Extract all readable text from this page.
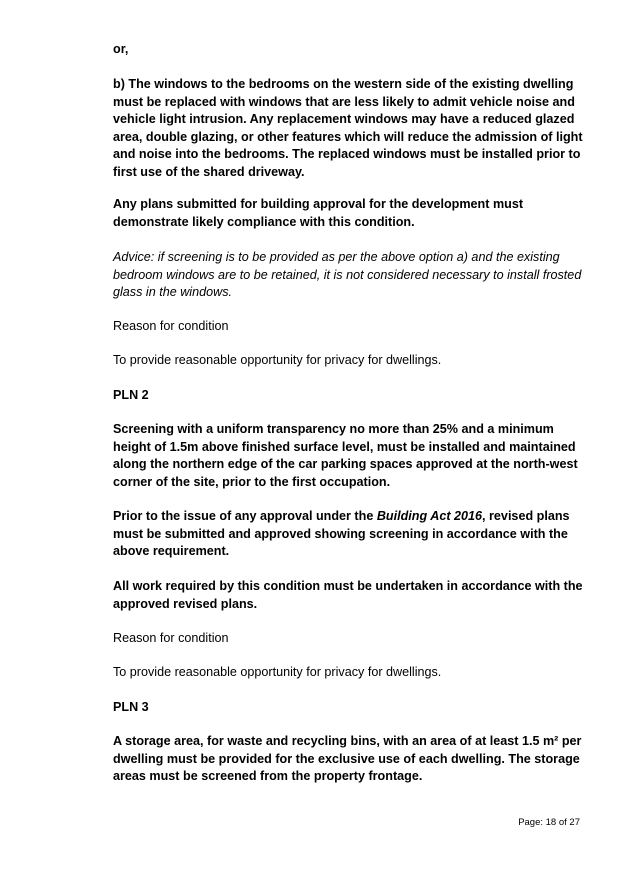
or,

b) The windows to the bedrooms on the western side of the existing dwelling must be replaced with windows that are less likely to admit vehicle noise and vehicle light intrusion. Any replacement windows may have a reduced glazed area, double glazing, or other features which will reduce the admission of light and noise into the bedrooms. The replaced windows must be installed prior to first use of the shared driveway.

Any plans submitted for building approval for the development must demonstrate likely compliance with this condition.

Advice: if screening is to be provided as per the above option a) and the existing bedroom windows are to be retained, it is not considered necessary to install frosted glass in the windows.

Reason for condition

To provide reasonable opportunity for privacy for dwellings.

PLN 2

Screening with a uniform transparency no more than 25% and a minimum height of 1.5m above finished surface level, must be installed and maintained along the northern edge of the car parking spaces approved at the north-west corner of the site, prior to the first occupation.

Prior to the issue of any approval under the Building Act 2016, revised plans must be submitted and approved showing screening in accordance with the above requirement.

All work required by this condition must be undertaken in accordance with the approved revised plans.

Reason for condition

To provide reasonable opportunity for privacy for dwellings.

PLN 3

A storage area, for waste and recycling bins, with an area of at least 1.5 m² per dwelling must be provided for the exclusive use of each dwelling. The storage areas must be screened from the property frontage.

Page: 18 of 27
